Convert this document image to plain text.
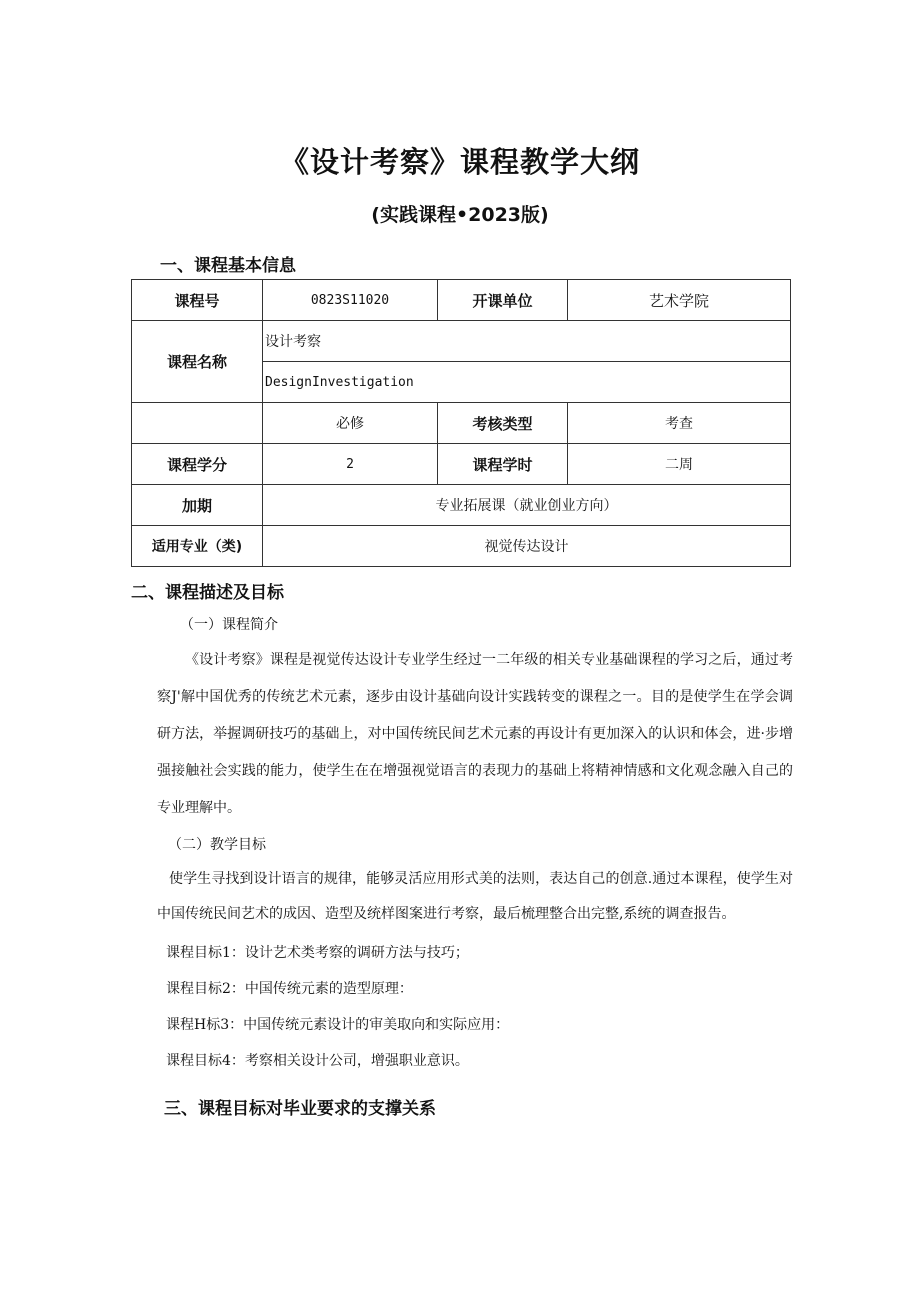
《设计考察》课程教学大纲
(实践课程•2023版)
一、课程基本信息
课程号	0823S11020	开课单位	艺术学院
课程名称	设计考察		
	DesignInvestigation		
	必修	考核类型	考查
课程学分	2	课程学时	二周
加期	专业拓展课（就业创业方向）		
适用专业（类)	视觉传达设计		
二、课程描述及目标
（一）课程简介
《设计考察》课程是视觉传达设计专业学生经过一二年级的相关专业基础课程的学习之后，通过考察J'解中国优秀的传统艺术元素，逐步由设计基础向设计实践转变的课程之一。目的是使学生在学会调研方法，举握调研技巧的基础上，对中国传统民间艺术元素的再设计有更加深入的认识和体会，进·步增强接触社会实践的能力，使学生在在增强视觉语言的表现力的基础上将精神情感和文化观念融入自己的专业理解中。
（二）教学目标
使学生寻找到设计语言的规律，能够灵活应用形式美的法则，表达自己的创意.通过本课程，使学生对中国传统民间艺术的成因、造型及统样图案进行考察，最后梳理整合出完整,系统的调查报告。
课程目标1：设计艺术类考察的调研方法与技巧；
课程目标2：中国传统元素的造型原理：
课程H标3：中国传统元素设计的审美取向和实际应用：
课程目标4：考察相关设计公司，增强职业意识。
三、课程目标对毕业要求的支撑关系
